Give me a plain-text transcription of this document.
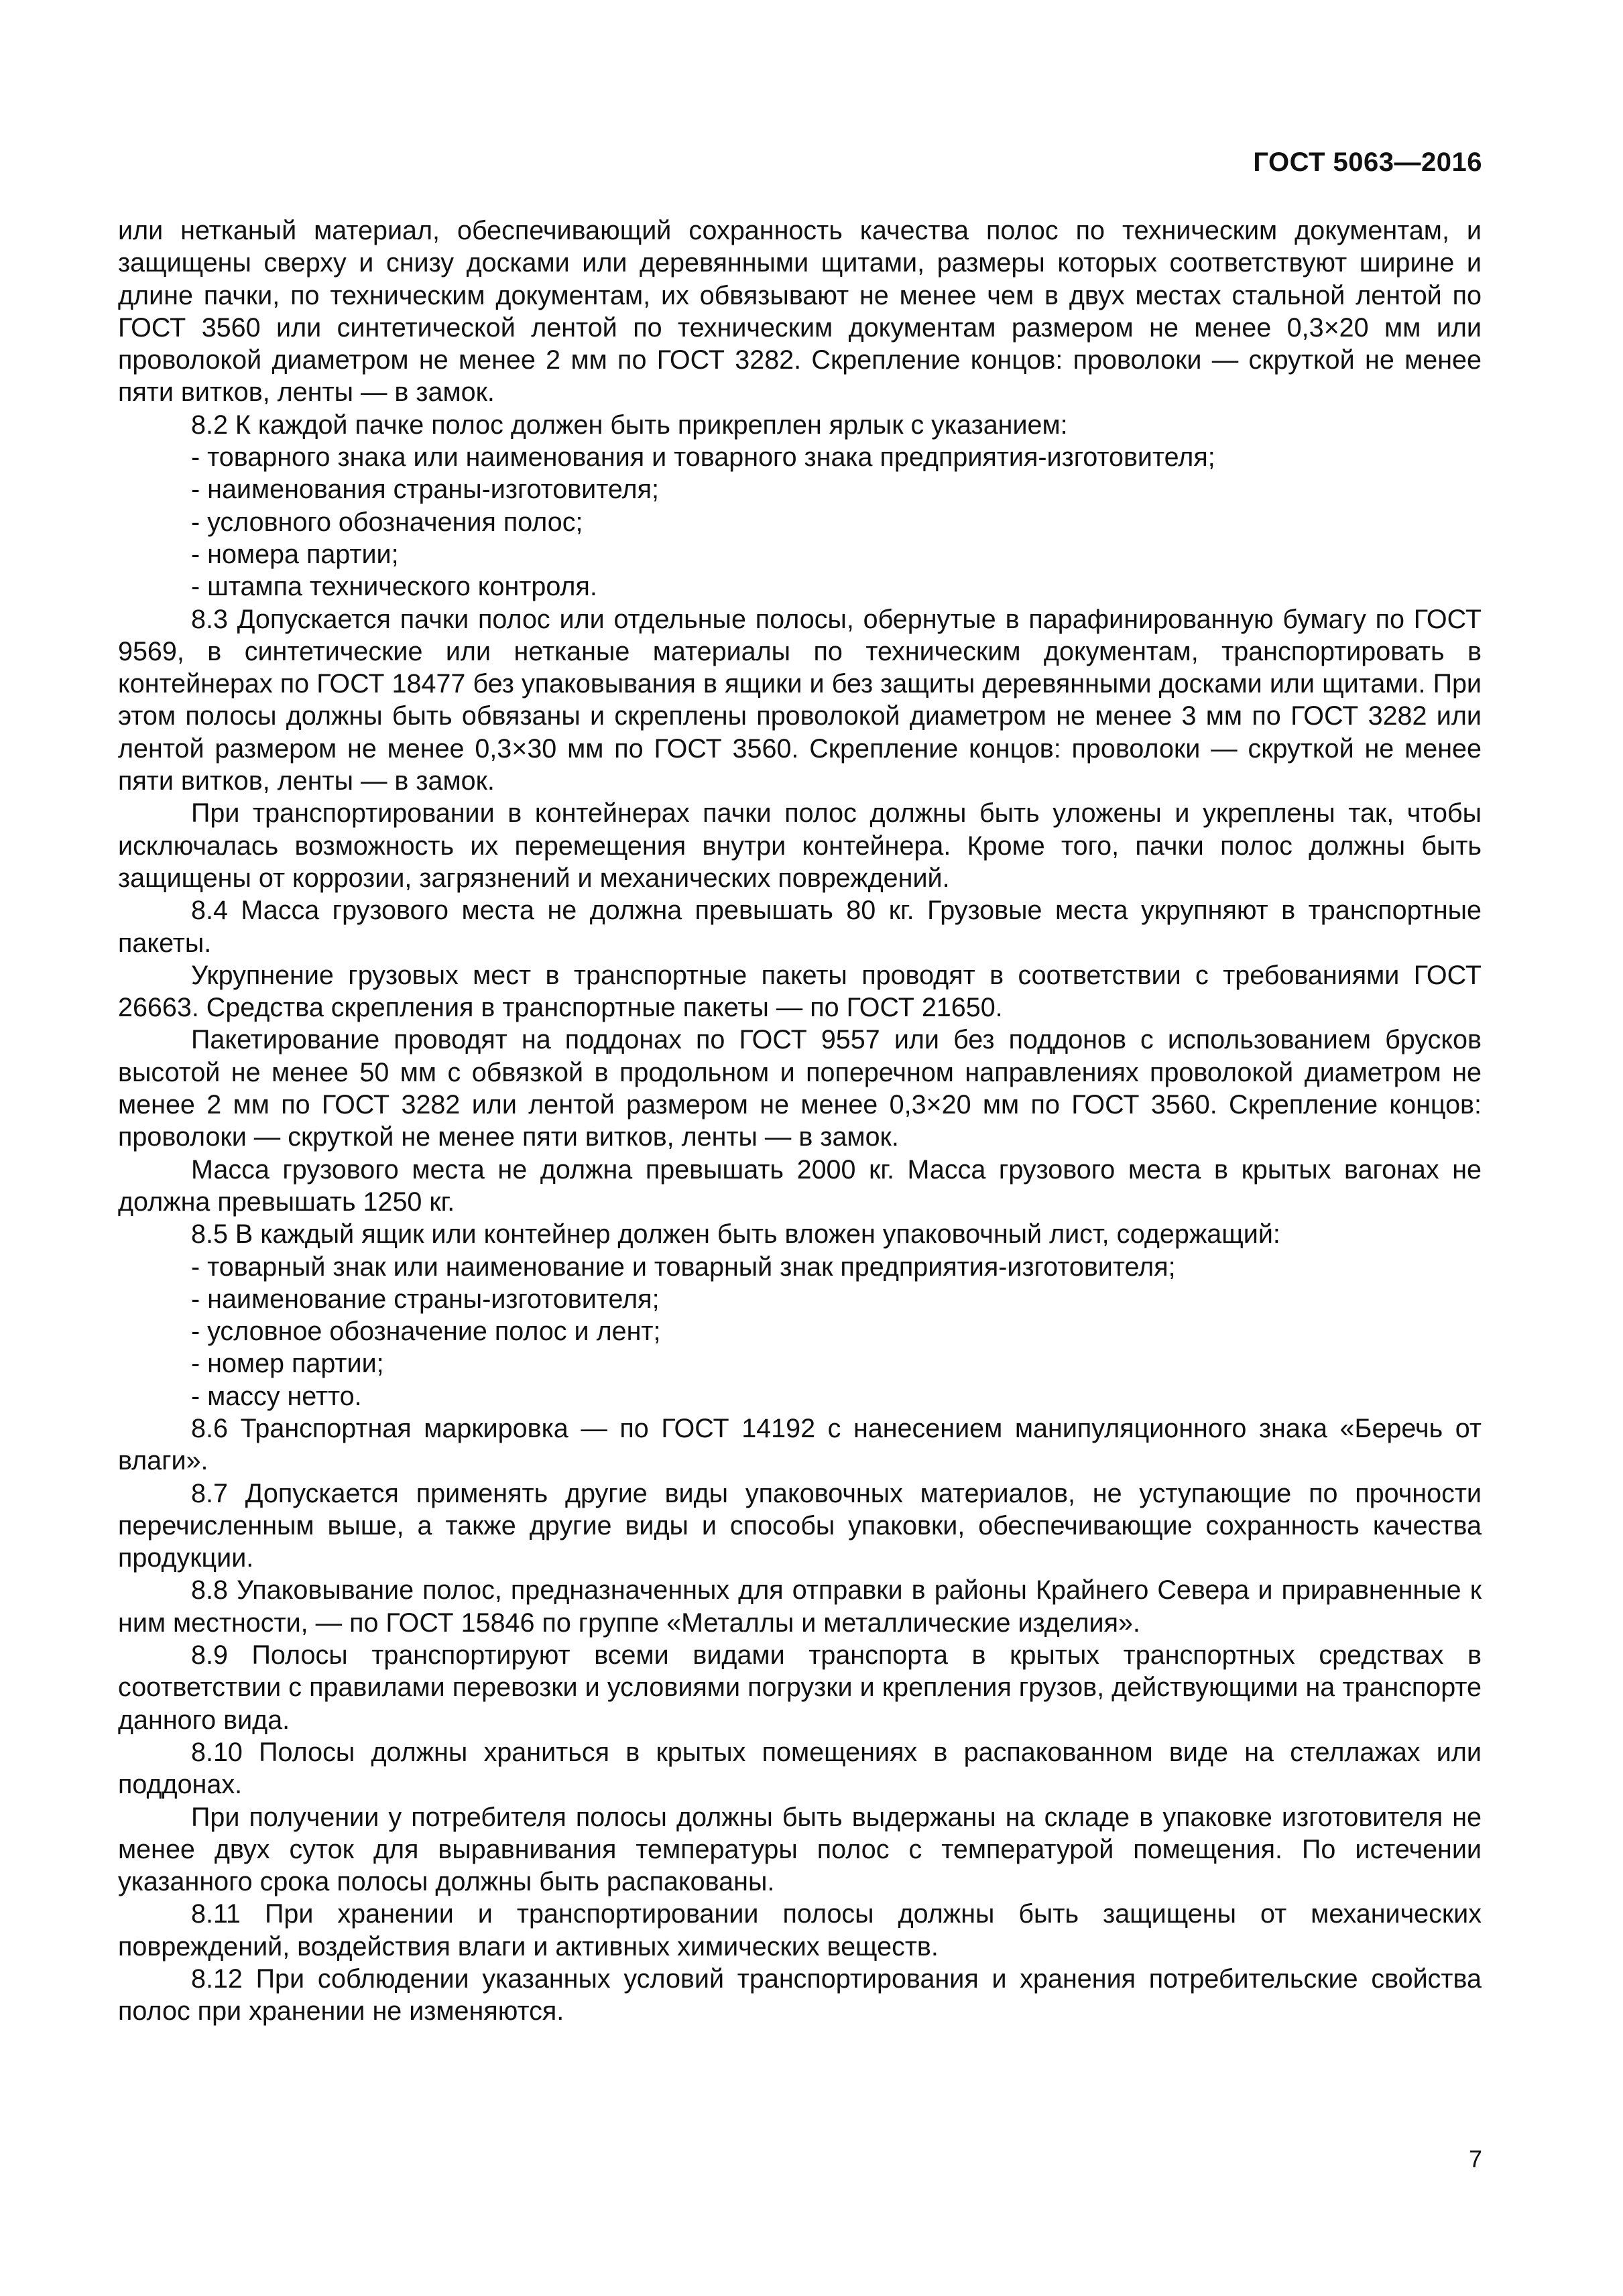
ГОСТ 5063—2016

или нетканый материал, обеспечивающий сохранность качества полос по техническим документам, и защищены сверху и снизу досками или деревянными щитами, размеры которых соответствуют ширине и длине пачки, по техническим документам, их обвязывают не менее чем в двух местах стальной лентой по ГОСТ 3560 или синтетической лентой по техническим документам размером не менее 0,3×20 мм или проволокой диаметром не менее 2 мм по ГОСТ 3282. Скрепление концов: проволоки — скруткой не менее пяти витков, ленты — в замок.

8.2 К каждой пачке полос должен быть прикреплен ярлык с указанием:

- товарного знака или наименования и товарного знака предприятия-изготовителя;

- наименования страны-изготовителя;

- условного обозначения полос;

- номера партии;

- штампа технического контроля.

8.3 Допускается пачки полос или отдельные полосы, обернутые в парафинированную бумагу по ГОСТ 9569, в синтетические или нетканые материалы по техническим документам, транспортировать в контейнерах по ГОСТ 18477 без упаковывания в ящики и без защиты деревянными досками или щитами. При этом полосы должны быть обвязаны и скреплены проволокой диаметром не менее 3 мм по ГОСТ 3282 или лентой размером не менее 0,3×30 мм по ГОСТ 3560. Скрепление концов: проволоки — скруткой не менее пяти витков, ленты — в замок.

При транспортировании в контейнерах пачки полос должны быть уложены и укреплены так, чтобы исключалась возможность их перемещения внутри контейнера. Кроме того, пачки полос должны быть защищены от коррозии, загрязнений и механических повреждений.

8.4 Масса грузового места не должна превышать 80 кг. Грузовые места укрупняют в транспортные пакеты.

Укрупнение грузовых мест в транспортные пакеты проводят в соответствии с требованиями ГОСТ 26663. Средства скрепления в транспортные пакеты — по ГОСТ 21650.

Пакетирование проводят на поддонах по ГОСТ 9557 или без поддонов с использованием брусков высотой не менее 50 мм с обвязкой в продольном и поперечном направлениях проволокой диаметром не менее 2 мм по ГОСТ 3282 или лентой размером не менее 0,3×20 мм по ГОСТ 3560. Скрепление концов: проволоки — скруткой не менее пяти витков, ленты — в замок.

Масса грузового места не должна превышать 2000 кг. Масса грузового места в крытых вагонах не должна превышать 1250 кг.

8.5 В каждый ящик или контейнер должен быть вложен упаковочный лист, содержащий:

- товарный знак или наименование и товарный знак предприятия-изготовителя;

- наименование страны-изготовителя;

- условное обозначение полос и лент;

- номер партии;

- массу нетто.

8.6 Транспортная маркировка — по ГОСТ 14192 с нанесением манипуляционного знака «Беречь от влаги».

8.7 Допускается применять другие виды упаковочных материалов, не уступающие по прочности перечисленным выше, а также другие виды и способы упаковки, обеспечивающие сохранность качества продукции.

8.8 Упаковывание полос, предназначенных для отправки в районы Крайнего Севера и приравненные к ним местности, — по ГОСТ 15846 по группе «Металлы и металлические изделия».

8.9 Полосы транспортируют всеми видами транспорта в крытых транспортных средствах в соответствии с правилами перевозки и условиями погрузки и крепления грузов, действующими на транспорте данного вида.

8.10 Полосы должны храниться в крытых помещениях в распакованном виде на стеллажах или поддонах.

При получении у потребителя полосы должны быть выдержаны на складе в упаковке изготовителя не менее двух суток для выравнивания температуры полос с температурой помещения. По истечении указанного срока полосы должны быть распакованы.

8.11 При хранении и транспортировании полосы должны быть защищены от механических повреждений, воздействия влаги и активных химических веществ.

8.12 При соблюдении указанных условий транспортирования и хранения потребительские свойства полос при хранении не изменяются.

7
